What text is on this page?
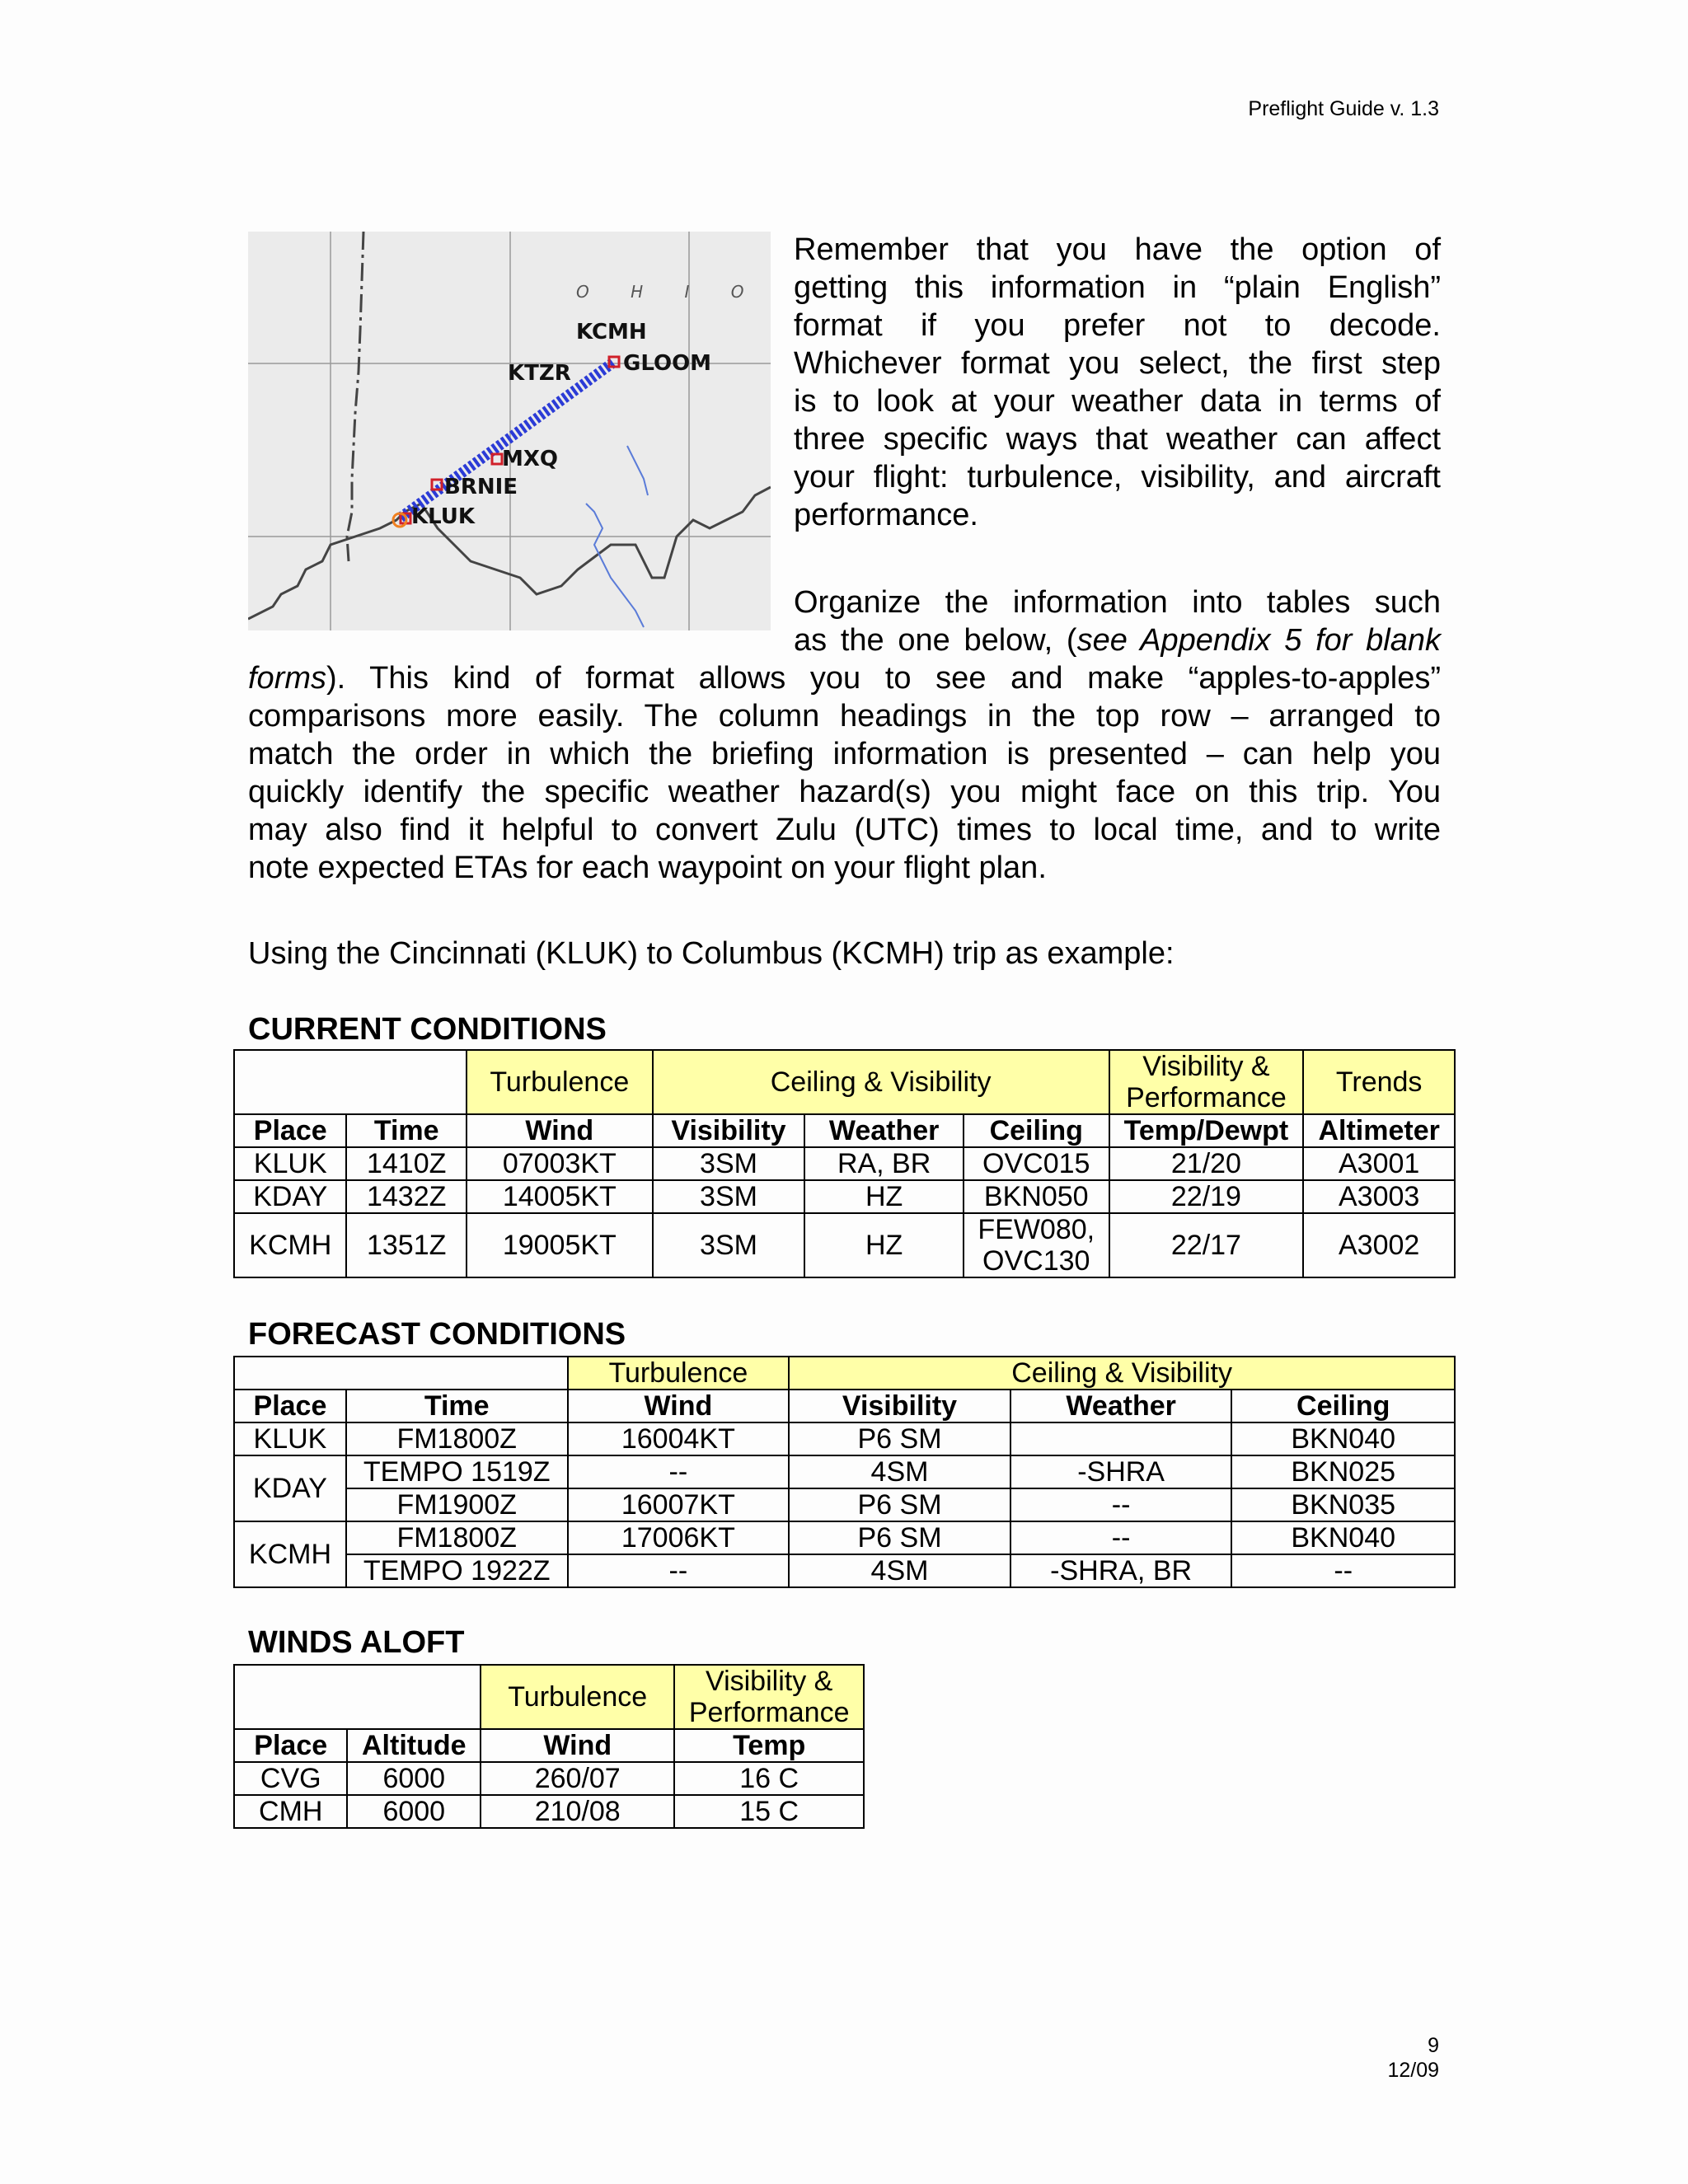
Preflight Guide v. 1.3
KCMH
KTZR GLOOM
MXQ
BRNIE
KLUK
O H I O

Remember that you have the option of
getting this information in “plain English”
format if you prefer not to decode.
Whichever format you select, the first step
is to look at your weather data in terms of
three specific ways that weather can affect
your flight: turbulence, visibility, and aircraft
performance.

Organize the information into tables such
as the one below, (see Appendix 5 for blank

forms). This kind of format allows you to see and make “apples-to-apples”
comparisons more easily. The column headings in the top row – arranged to
match the order in which the briefing information is presented – can help you
quickly identify the specific weather hazard(s) you might face on this trip. You
may also find it helpful to convert Zulu (UTC) times to local time, and to write
note expected ETAs for each waypoint on your flight plan.

Using the Cincinnati (KLUK) to Columbus (KCMH) trip as example:
CURRENT CONDITIONS
		Turbulence	Ceiling & Visibility			Visibility &
Performance	Trends
Place	Time	Wind	Visibility	Weather	Ceiling	Temp/Dewpt	Altimeter
KLUK	1410Z	07003KT	3SM	RA, BR	OVC015	21/20	A3001
KDAY	1432Z	14005KT	3SM	HZ	BKN050	22/19	A3003
KCMH	1351Z	19005KT	3SM	HZ	FEW080,
OVC130	22/17	A3002
FORECAST CONDITIONS
		Turbulence	Ceiling & Visibility		
Place	Time	Wind	Visibility	Weather	Ceiling
KLUK	FM1800Z	16004KT	P6 SM		BKN040
KDAY	TEMPO 1519Z	--	4SM	-SHRA	BKN025
	FM1900Z	16007KT	P6 SM	--	BKN035
KCMH	FM1800Z	17006KT	P6 SM	--	BKN040
	TEMPO 1922Z	--	4SM	-SHRA, BR	--
WINDS ALOFT
		Turbulence	Visibility &
Performance
Place	Altitude	Wind	Temp
CVG	6000	260/07	16 C
CMH	6000	210/08	15 C
9
12/09
